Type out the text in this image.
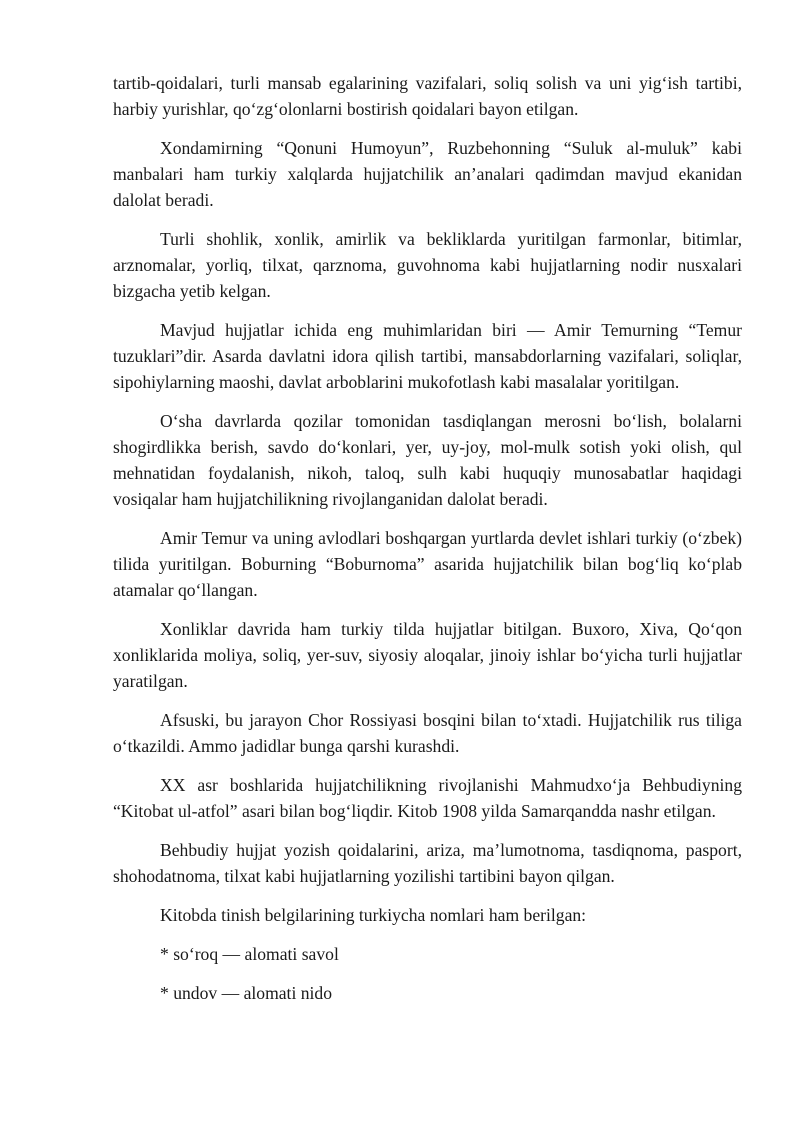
tartib-qoidalari, turli mansab egalarining vazifalari, soliq solish va uni yig‘ish tartibi, harbiy yurishlar, qo‘zg‘olonlarni bostirish qoidalari bayon etilgan.

Xondamirning “Qonuni Humoyun”, Ruzbehonning “Suluk al-muluk” kabi manbalari ham turkiy xalqlarda hujjatchilik an’analari qadimdan mavjud ekanidan dalolat beradi.

Turli shohlik, xonlik, amirlik va bekliklarda yuritilgan farmonlar, bitimlar, arznomalar, yorliq, tilxat, qarznoma, guvohnoma kabi hujjatlarning nodir nusxalari bizgacha yetib kelgan.

Mavjud hujjatlar ichida eng muhimlaridan biri — Amir Temurning “Temur tuzuklari”dir. Asarda davlatni idora qilish tartibi, mansabdorlarning vazifalari, soliqlar, sipohiylarning maoshi, davlat arboblarini mukofotlash kabi masalalar yoritilgan.

O‘sha davrlarda qozilar tomonidan tasdiqlangan merosni bo‘lish, bolalarni shogirdlikka berish, savdo do‘konlari, yer, uy-joy, mol-mulk sotish yoki olish, qul mehnatidan foydalanish, nikoh, taloq, sulh kabi huquqiy munosabatlar haqidagi vosiqalar ham hujjatchilikning rivojlanganidan dalolat beradi.

Amir Temur va uning avlodlari boshqargan yurtlarda devlet ishlari turkiy (o‘zbek) tilida yuritilgan. Boburning “Boburnoma” asarida hujjatchilik bilan bog‘liq ko‘plab atamalar qo‘llangan.

Xonliklar davrida ham turkiy tilda hujjatlar bitilgan. Buxoro, Xiva, Qo‘qon xonliklarida moliya, soliq, yer-suv, siyosiy aloqalar, jinoiy ishlar bo‘yicha turli hujjatlar yaratilgan.

Afsuski, bu jarayon Chor Rossiyasi bosqini bilan to‘xtadi. Hujjatchilik rus tiliga o‘tkazildi. Ammo jadidlar bunga qarshi kurashdi.

XX asr boshlarida hujjatchilikning rivojlanishi Mahmudxo‘ja Behbudiyning “Kitobat ul-atfol” asari bilan bog‘liqdir. Kitob 1908 yilda Samarqandda nashr etilgan.

Behbudiy hujjat yozish qoidalarini, ariza, ma’lumotnoma, tasdiqnoma, pasport, shohodatnoma, tilxat kabi hujjatlarning yozilishi tartibini bayon qilgan.

Kitobda tinish belgilarining turkiycha nomlari ham berilgan:

* so‘roq — alomati savol

* undov — alomati nido
